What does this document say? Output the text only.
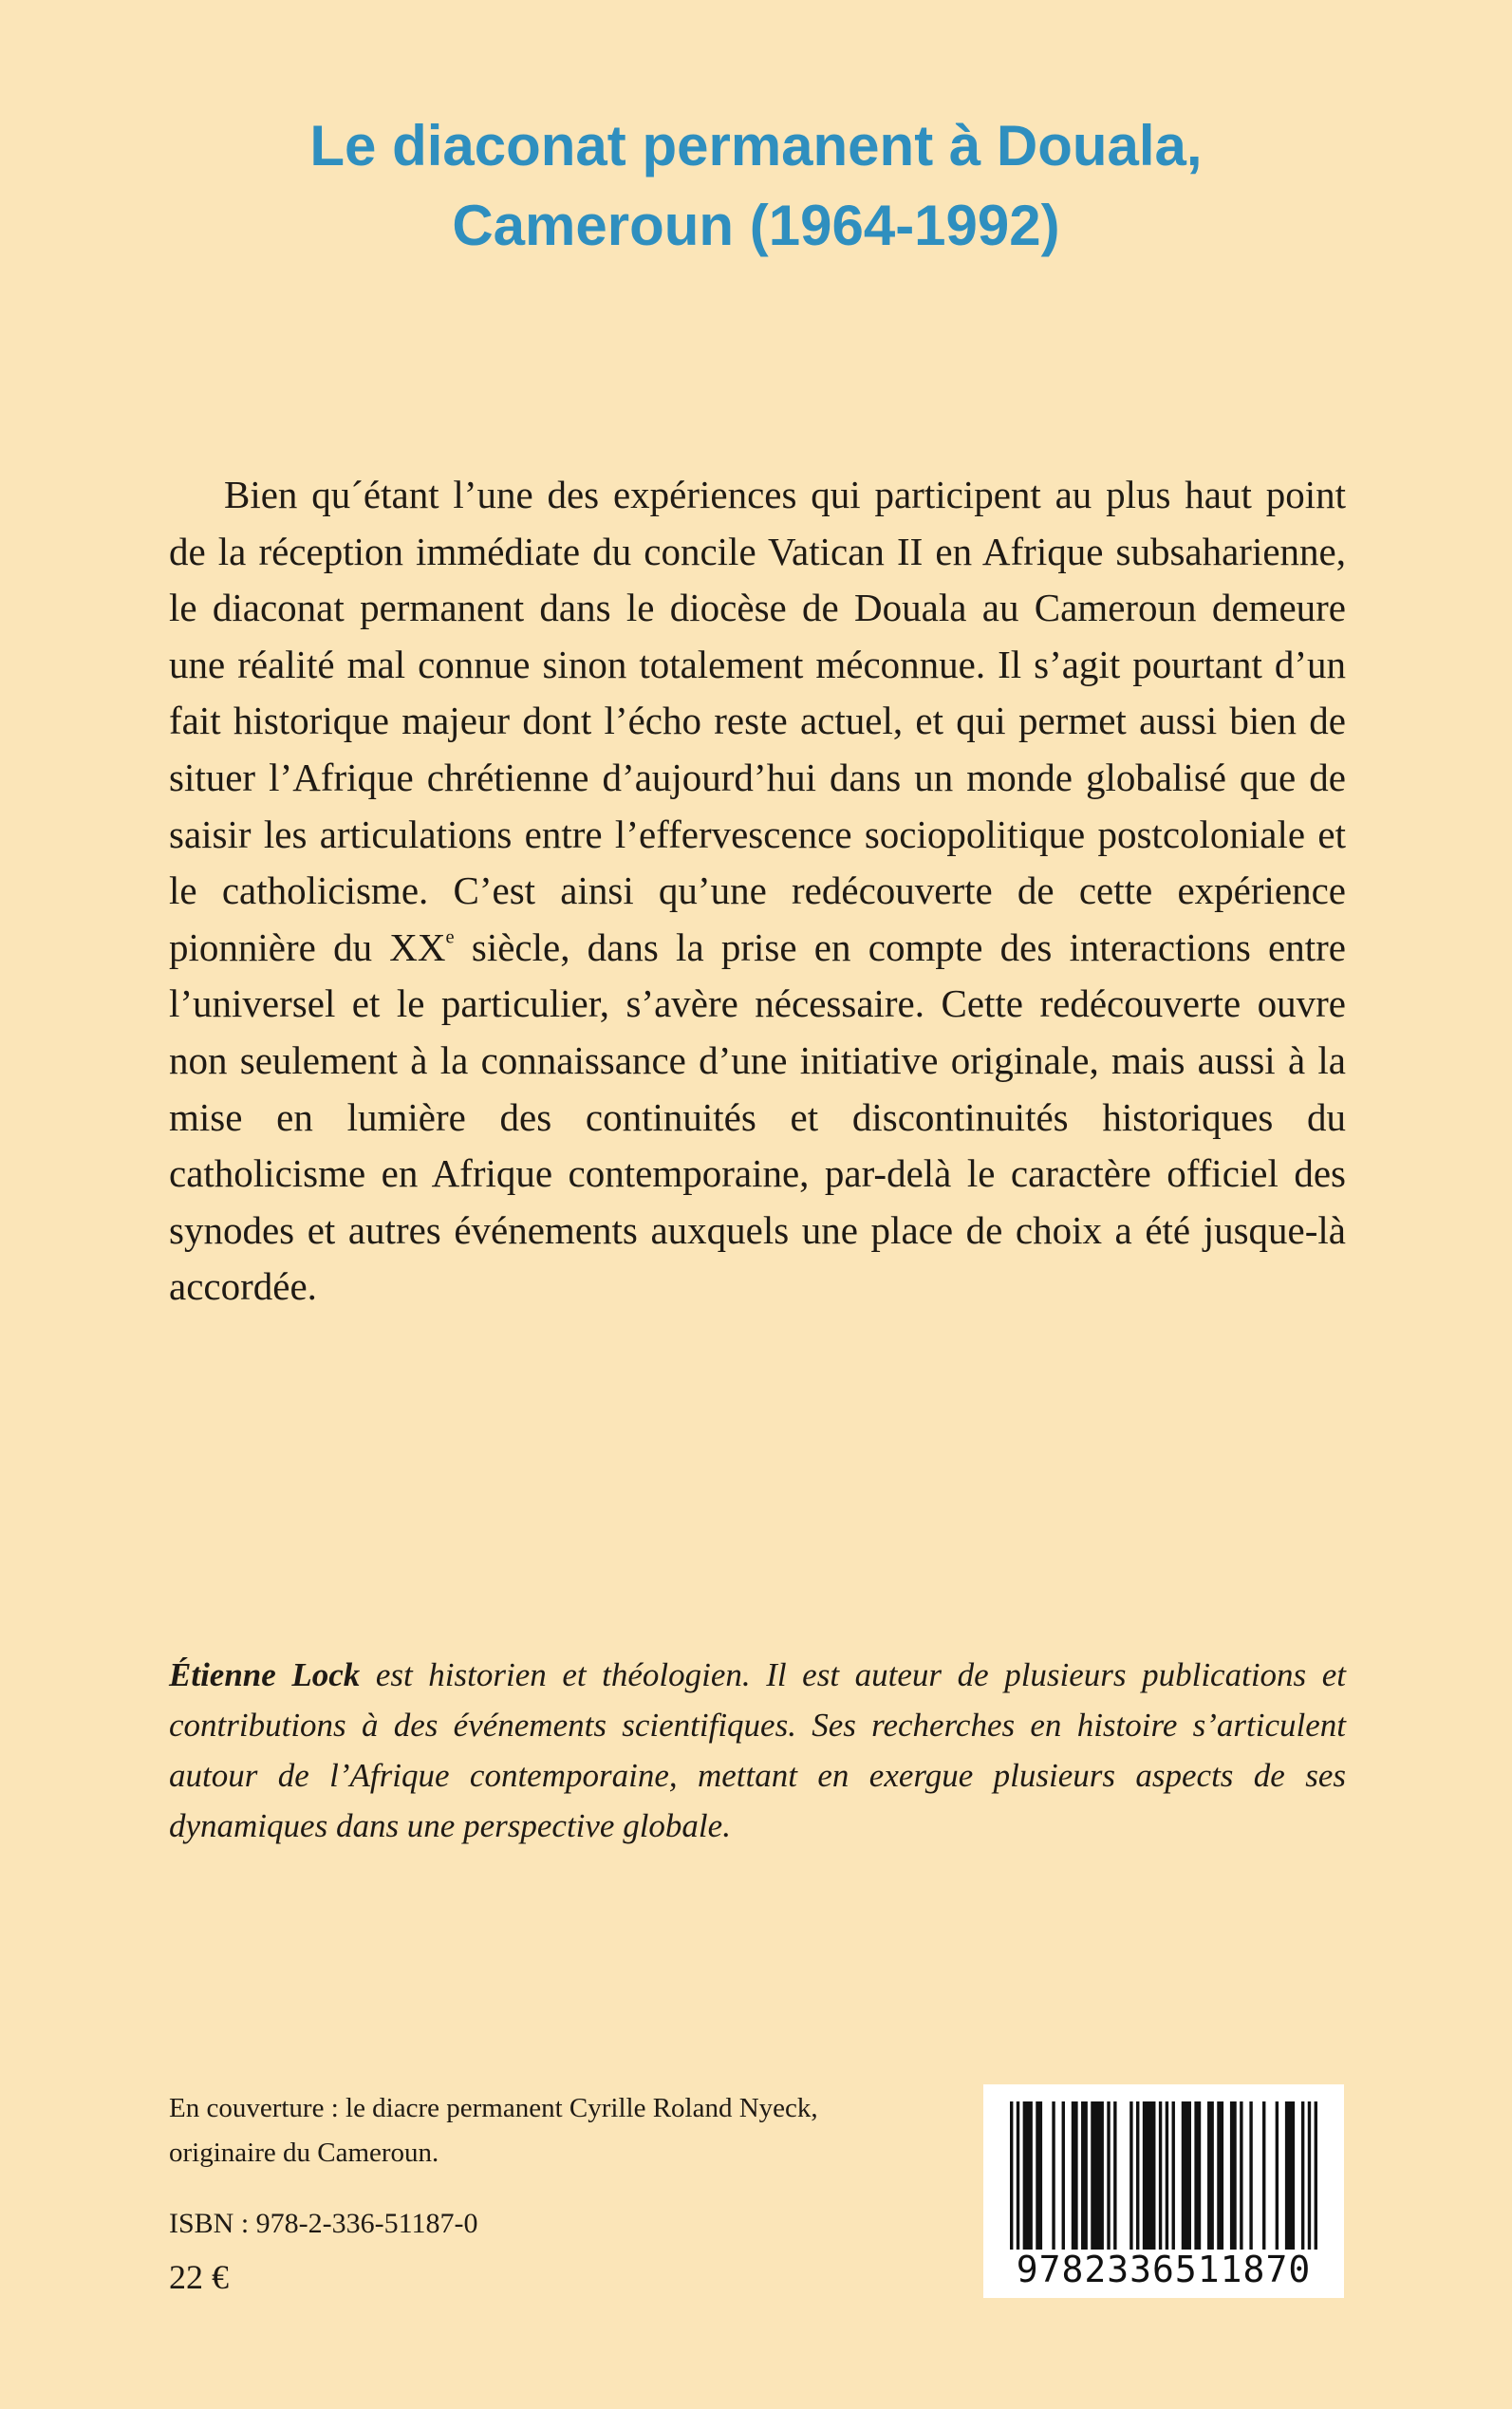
Le diaconat permanent à Douala,
Cameroun (1964-1992)

Bien qu´étant l’une des expériences qui participent au plus haut point de la réception immédiate du concile Vatican II en Afrique subsaharienne, le diaconat permanent dans le diocèse de Douala au Cameroun demeure une réalité mal connue sinon totalement méconnue. Il s’agit pourtant d’un fait historique majeur dont l’écho reste actuel, et qui permet aussi bien de situer l’Afrique chrétienne d’aujourd’hui dans un monde globalisé que de saisir les articulations entre l’effervescence sociopolitique postcoloniale et le catholicisme. C’est ainsi qu’une redécouverte de cette expérience pionnière du XXe siècle, dans la prise en compte des interactions entre l’universel et le particulier, s’avère nécessaire. Cette redécouverte ouvre non seulement à la connaissance d’une initiative originale, mais aussi à la mise en lumière des continuités et discontinuités historiques du catholicisme en Afrique contemporaine, par-delà le caractère officiel des synodes et autres événements auxquels une place de choix a été jusque-là accordée.

Étienne Lock est historien et théologien. Il est auteur de plusieurs publications et contributions à des événements scientifiques. Ses recherches en histoire s’articulent autour de l’Afrique contemporaine, mettant en exergue plusieurs aspects de ses dynamiques dans une perspective globale.

En couverture : le diacre permanent Cyrille Roland Nyeck,
originaire du Cameroun.

ISBN : 978-2-336-51187-0

22 €	9782336511870
